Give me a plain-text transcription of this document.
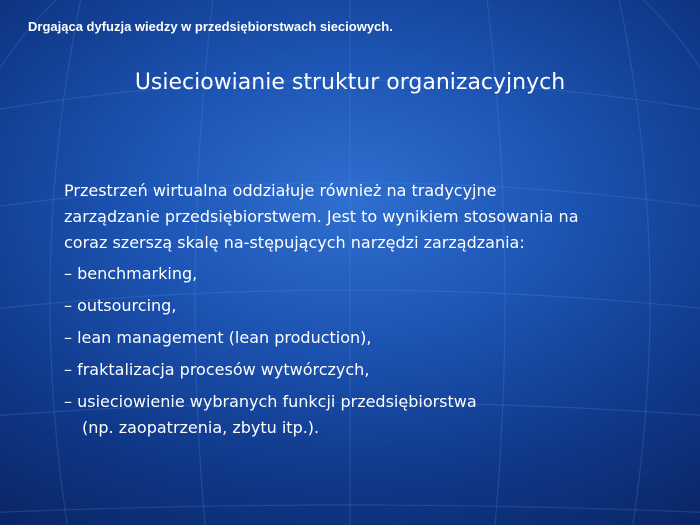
Drgająca dyfuzja wiedzy w przedsiębiorstwach sieciowych.
Usieciowianie struktur organizacyjnych
Przestrzeń wirtualna oddziałuje również na tradycyjne
zarządzanie przedsiębiorstwem. Jest to wynikiem stosowania na
coraz szerszą skalę na-stępujących narzędzi zarządzania:
– benchmarking,
– outsourcing,
– lean management (lean production),
– fraktalizacja procesów wytwórczych,
– usieciowienie wybranych funkcji przedsiębiorstwa
(np. zaopatrzenia, zbytu itp.).
